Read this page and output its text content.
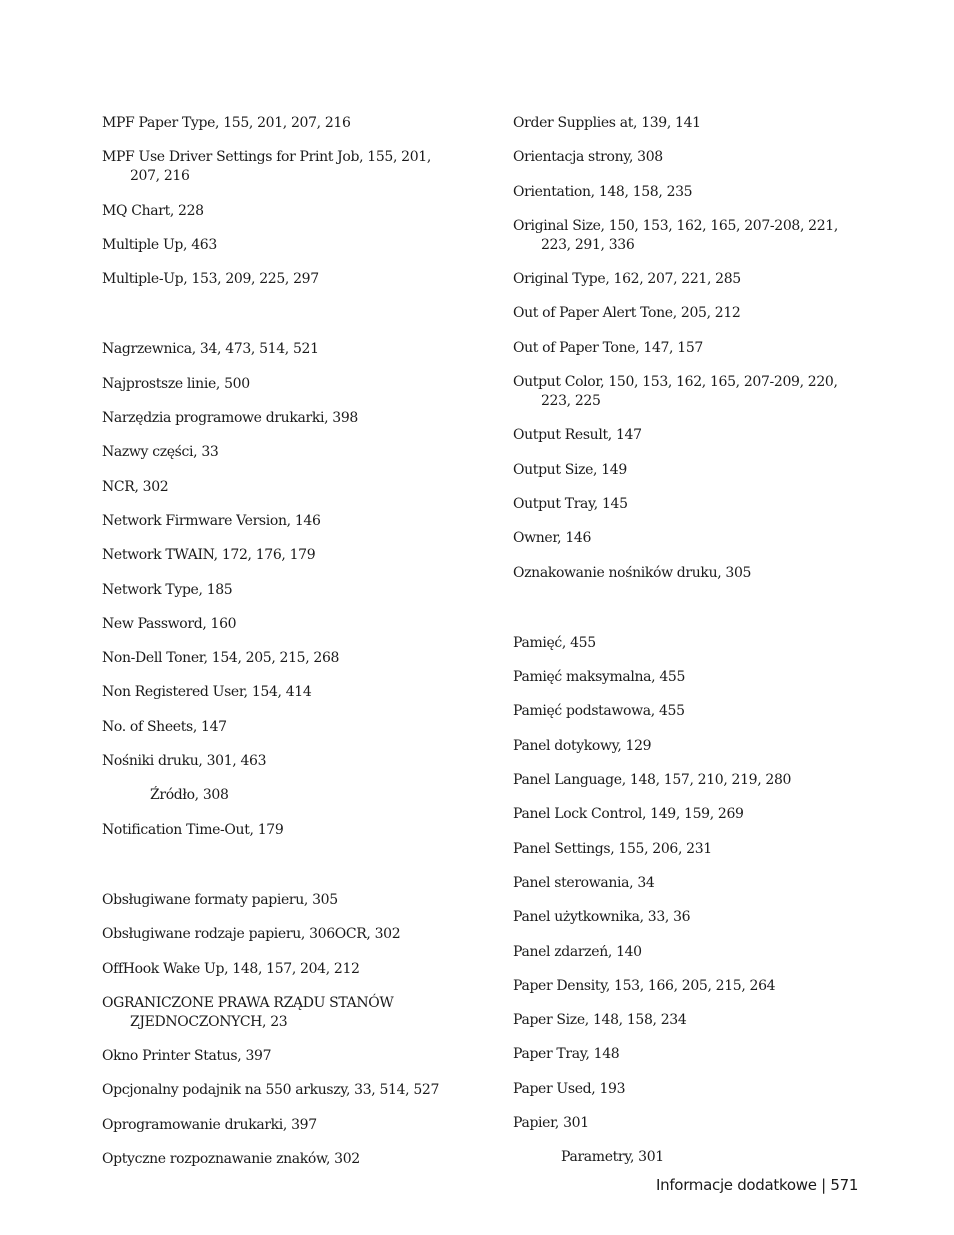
MPF Paper Type, 155, 201, 207, 216
MPF Use Driver Settings for Print Job, 155, 201, 207, 216
MQ Chart, 228
Multiple Up, 463
Multiple-Up, 153, 209, 225, 297
Nagrzewnica, 34, 473, 514, 521
Najprostsze linie, 500
Narzędzia programowe drukarki, 398
Nazwy części, 33
NCR, 302
Network Firmware Version, 146
Network TWAIN, 172, 176, 179
Network Type, 185
New Password, 160
Non-Dell Toner, 154, 205, 215, 268
Non Registered User, 154, 414
No. of Sheets, 147
Nośniki druku, 301, 463
Źródło, 308
Notification Time-Out, 179
Obsługiwane formaty papieru, 305
Obsługiwane rodzaje papieru, 306OCR, 302
OffHook Wake Up, 148, 157, 204, 212
OGRANICZONE PRAWA RZĄDU STANÓW ZJEDNOCZONYCH, 23
Okno Printer Status, 397
Opcjonalny podajnik na 550 arkuszy, 33, 514, 527
Oprogramowanie drukarki, 397
Optyczne rozpoznawanie znaków, 302
Order Supplies at, 139, 141
Orientacja strony, 308
Orientation, 148, 158, 235
Original Size, 150, 153, 162, 165, 207-208, 221, 223, 291, 336
Original Type, 162, 207, 221, 285
Out of Paper Alert Tone, 205, 212
Out of Paper Tone, 147, 157
Output Color, 150, 153, 162, 165, 207-209, 220, 223, 225
Output Result, 147
Output Size, 149
Output Tray, 145
Owner, 146
Oznakowanie nośników druku, 305
Pamięć, 455
Pamięć maksymalna, 455
Pamięć podstawowa, 455
Panel dotykowy, 129
Panel Language, 148, 157, 210, 219, 280
Panel Lock Control, 149, 159, 269
Panel Settings, 155, 206, 231
Panel sterowania, 34
Panel użytkownika, 33, 36
Panel zdarzeń, 140
Paper Density, 153, 166, 205, 215, 264
Paper Size, 148, 158, 234
Paper Tray, 148
Paper Used, 193
Papier, 301
Parametry, 301
Informacje dodatkowe | 571
